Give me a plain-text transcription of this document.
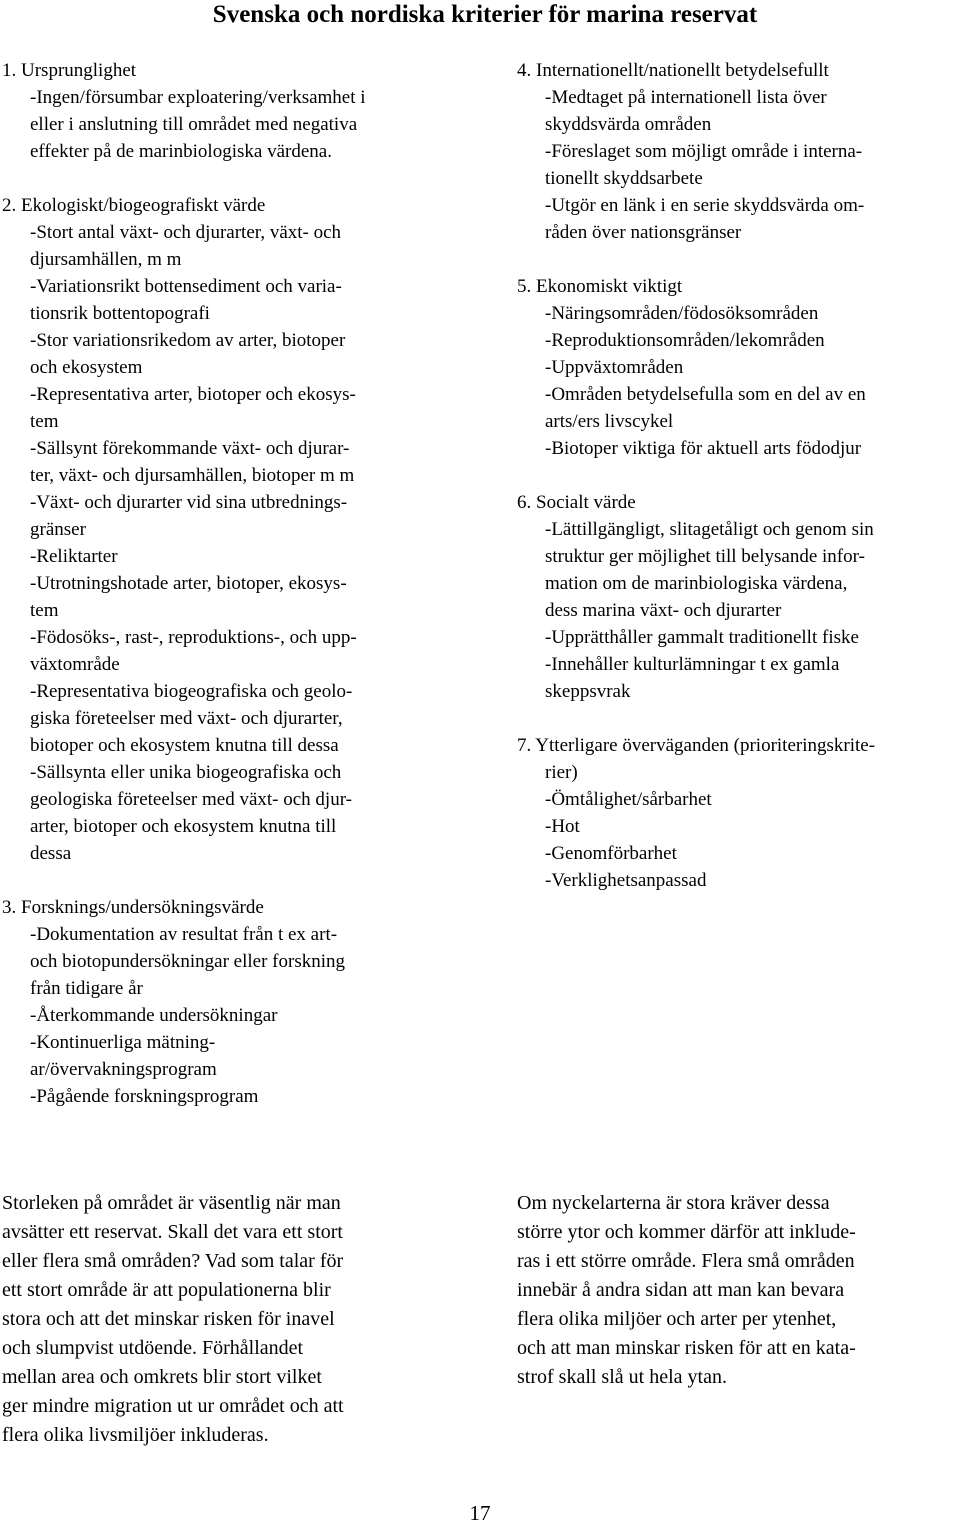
Svenska och nordiska kriterier för marina reservat
1. Ursprunglighet
-Ingen/försumbar exploatering/verksamhet i
eller i anslutning till området med negativa
effekter på de marinbiologiska värdena.
2. Ekologiskt/biogeografiskt värde
-Stort antal växt- och djurarter, växt- och
djursamhällen, m m
-Variationsrikt bottensediment och varia-
tionsrik bottentopografi
-Stor variationsrikedom av arter, biotoper
och ekosystem
-Representativa arter, biotoper och ekosys-
tem
-Sällsynt förekommande växt- och djurar-
ter, växt- och djursamhällen, biotoper m m
-Växt- och djurarter vid sina utbrednings-
gränser
-Reliktarter
-Utrotningshotade arter, biotoper, ekosys-
tem
-Födosöks-, rast-, reproduktions-, och upp-
växtområde
-Representativa biogeografiska och geolo-
giska företeelser med växt- och djurarter,
biotoper och ekosystem knutna till dessa
-Sällsynta eller unika biogeografiska och
geologiska företeelser med växt- och djur-
arter, biotoper och ekosystem knutna till
dessa
3. Forsknings/undersökningsvärde
-Dokumentation av resultat från t ex art-
och biotopundersökningar eller forskning
från tidigare år
-Återkommande undersökningar
-Kontinuerliga mätning-
ar/övervakningsprogram
-Pågående forskningsprogram
4. Internationellt/nationellt betydelsefullt
-Medtaget på internationell lista över
skyddsvärda områden
-Föreslaget som möjligt område i interna-
tionellt skyddsarbete
-Utgör en länk i en serie skyddsvärda om-
råden över nationsgränser
5. Ekonomiskt viktigt
-Näringsområden/födosöksområden
-Reproduktionsområden/lekområden
-Uppväxtområden
-Områden betydelsefulla som en del av en
arts/ers livscykel
-Biotoper viktiga för aktuell arts födodjur
6. Socialt värde
-Lättillgängligt, slitagetåligt och genom sin
struktur ger möjlighet till belysande infor-
mation om de marinbiologiska värdena,
dess marina växt- och djurarter
-Upprätthåller gammalt traditionellt fiske
-Innehåller kulturlämningar t ex gamla
skeppsvrak
7. Ytterligare överväganden (prioriteringskrite-
rier)
-Ömtålighet/sårbarhet
-Hot
-Genomförbarhet
-Verklighetsanpassad
Storleken på området är väsentlig när man
avsätter ett reservat. Skall det vara ett stort
eller flera små områden? Vad som talar för
ett stort område är att populationerna blir
stora och att det minskar risken för inavel
och slumpvist utdöende. Förhållandet
mellan area och omkrets blir stort vilket
ger mindre migration ut ur området och att
flera olika livsmiljöer inkluderas.
Om nyckelarterna är stora kräver dessa
större ytor och kommer därför att inklude-
ras i ett större område. Flera små områden
innebär å andra sidan att man kan bevara
flera olika miljöer och arter per ytenhet,
och att man minskar risken för att en kata-
strof skall slå ut hela ytan.
17
